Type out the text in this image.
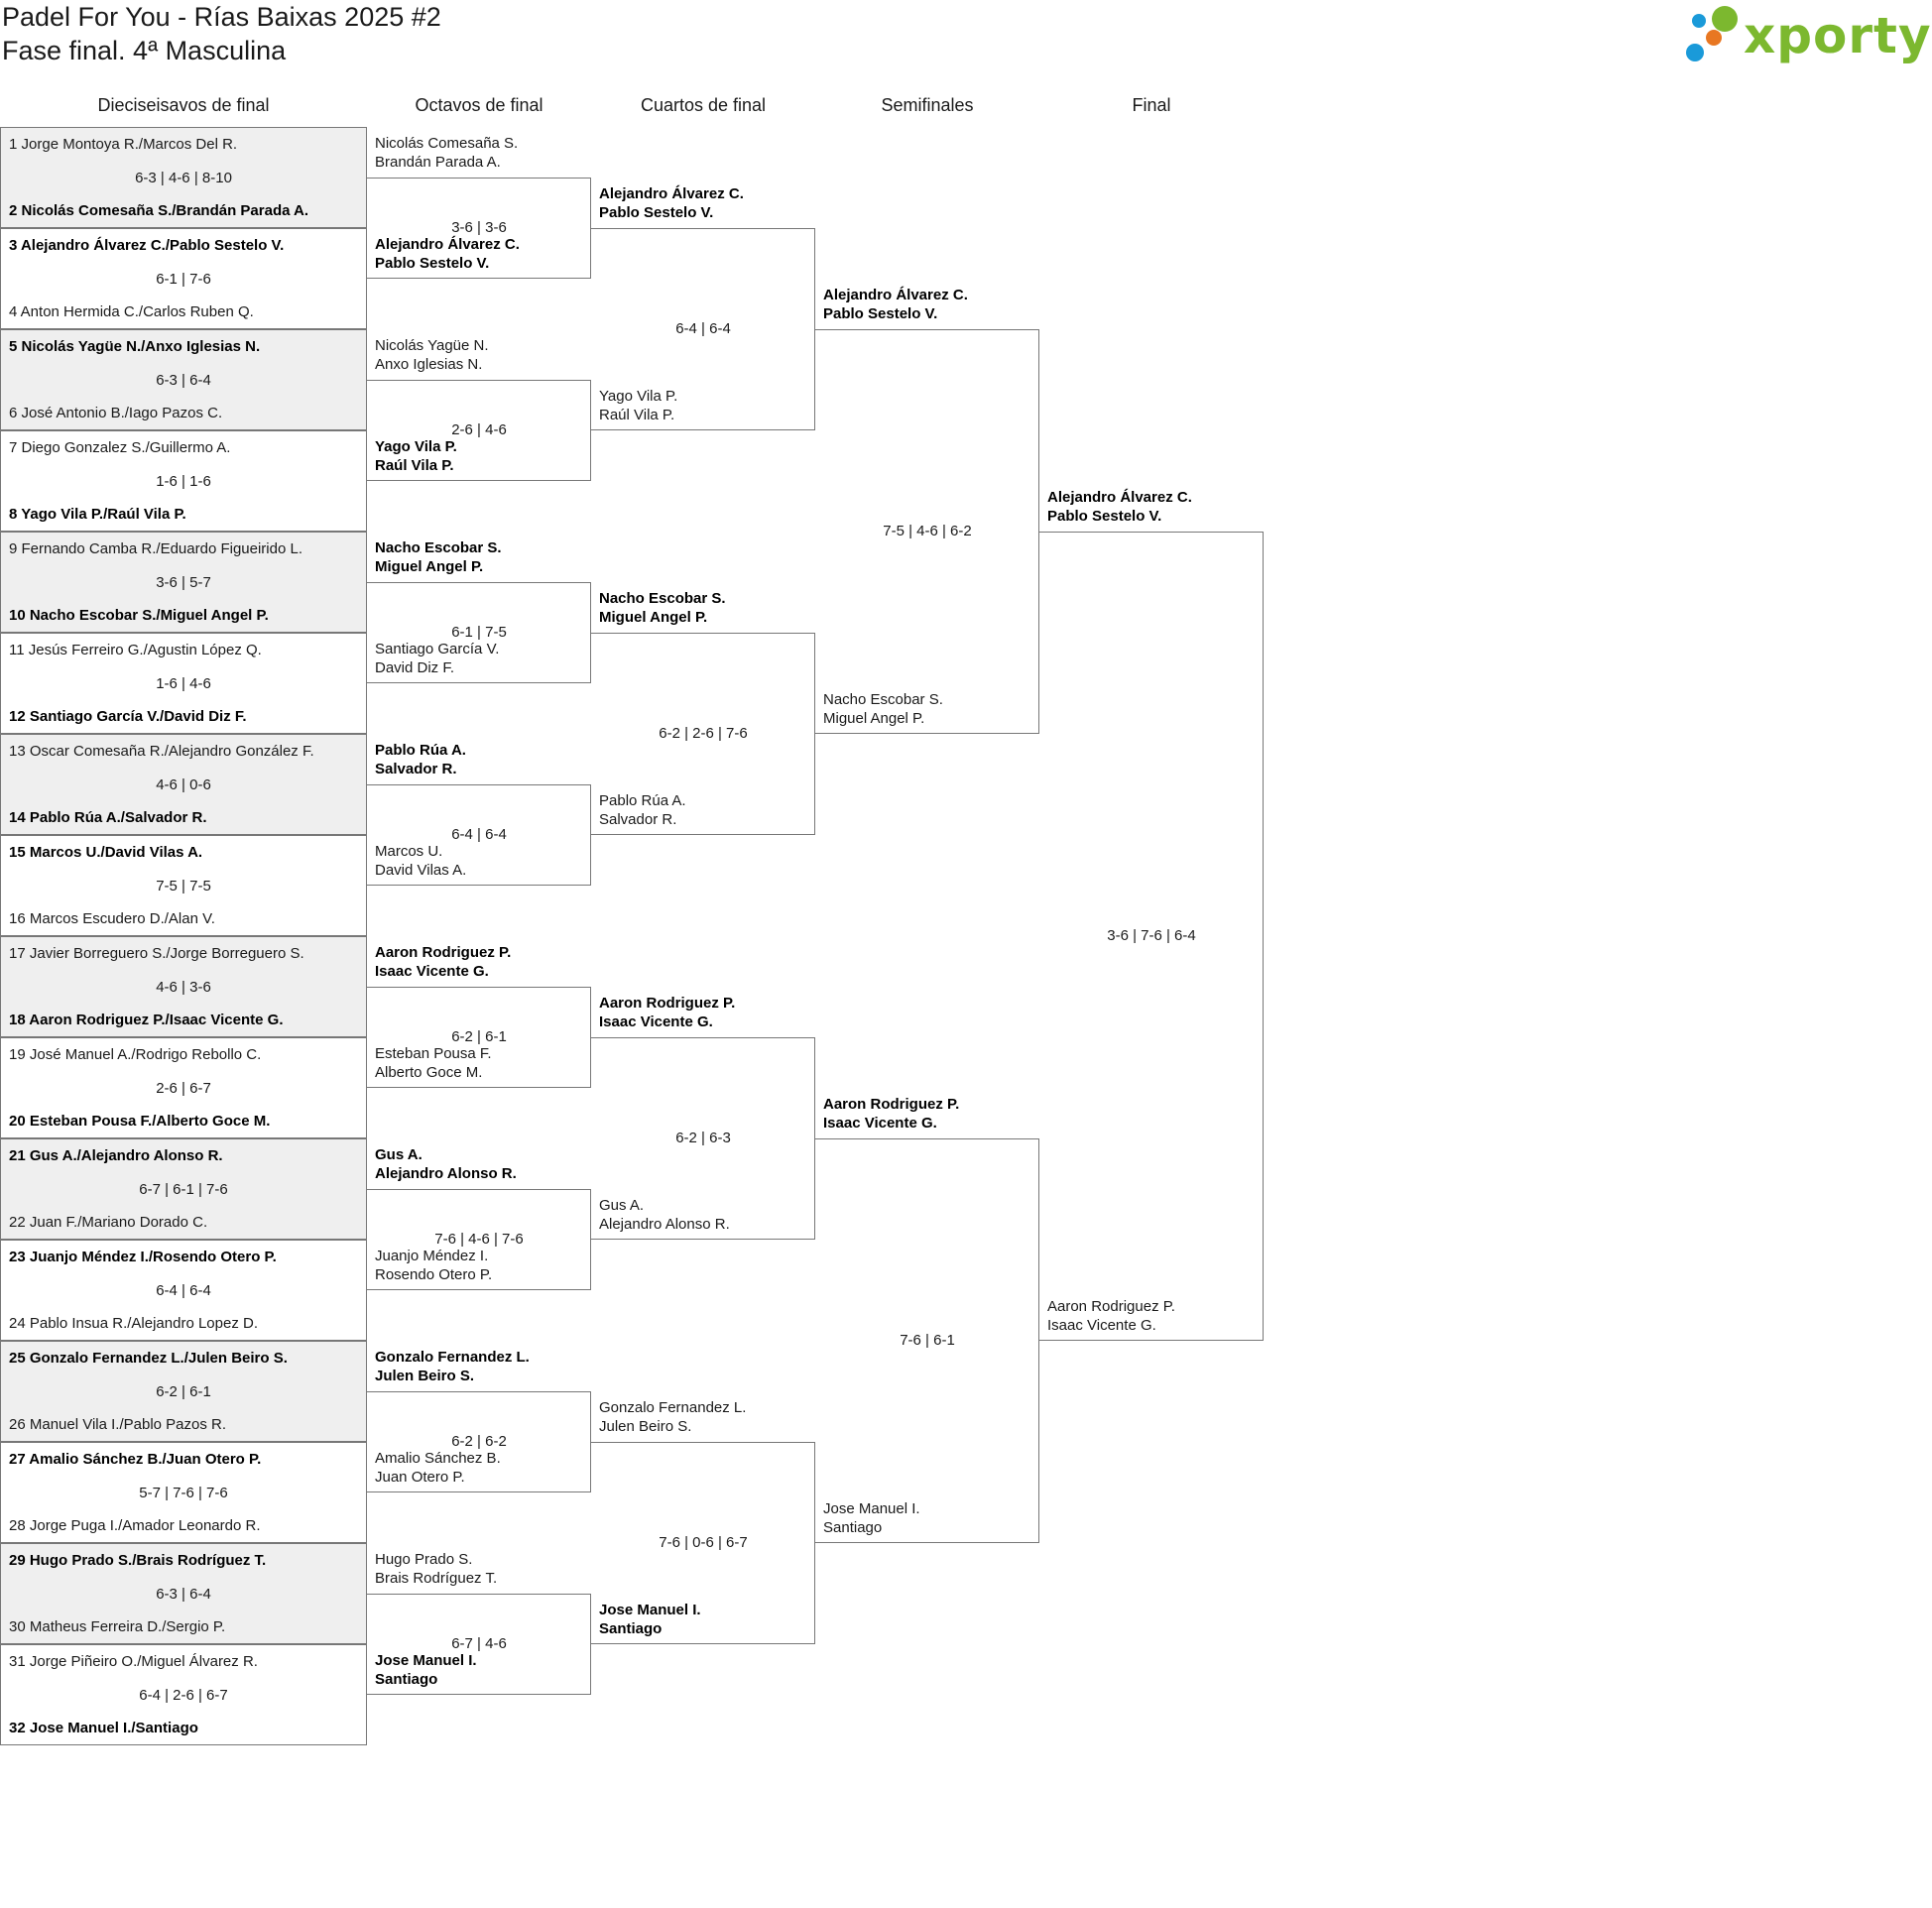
Padel For You - Rías Baixas 2025 #2
Fase final. 4ª Masculina	xporty
Dieciseisavos de final	Octavos de final	Cuartos de final	Semifinales	Final
1 Jorge Montoya R./Marcos Del R.
6-3 | 4-6 | 8-10
2 Nicolás Comesaña S./Brandán Parada A.
3 Alejandro Álvarez C./Pablo Sestelo V.
6-1 | 7-6
4 Anton Hermida C./Carlos Ruben Q.
5 Nicolás Yagüe N./Anxo Iglesias N.
6-3 | 6-4
6 José Antonio B./Iago Pazos C.
7 Diego Gonzalez S./Guillermo A.
1-6 | 1-6
8 Yago Vila P./Raúl Vila P.
9 Fernando Camba R./Eduardo Figueirido L.
3-6 | 5-7
10 Nacho Escobar S./Miguel Angel P.
11 Jesús Ferreiro G./Agustin López Q.
1-6 | 4-6
12 Santiago García V./David Diz F.
13 Oscar Comesaña R./Alejandro González F.
4-6 | 0-6
14 Pablo Rúa A./Salvador R.
15 Marcos U./David Vilas A.
7-5 | 7-5
16 Marcos Escudero D./Alan V.
17 Javier Borreguero S./Jorge Borreguero S.
4-6 | 3-6
18 Aaron Rodriguez P./Isaac Vicente G.
19 José Manuel A./Rodrigo Rebollo C.
2-6 | 6-7
20 Esteban Pousa F./Alberto Goce M.
21 Gus A./Alejandro Alonso R.
6-7 | 6-1 | 7-6
22 Juan F./Mariano Dorado C.
23 Juanjo Méndez I./Rosendo Otero P.
6-4 | 6-4
24 Pablo Insua R./Alejandro Lopez D.
25 Gonzalo Fernandez L./Julen Beiro S.
6-2 | 6-1
26 Manuel Vila I./Pablo Pazos R.
27 Amalio Sánchez B./Juan Otero P.
5-7 | 7-6 | 7-6
28 Jorge Puga I./Amador Leonardo R.
29 Hugo Prado S./Brais Rodríguez T.
6-3 | 6-4
30 Matheus Ferreira D./Sergio P.
31 Jorge Piñeiro O./Miguel Álvarez R.
6-4 | 2-6 | 6-7
32 Jose Manuel I./Santiago
Nicolás Comesaña S.
Brandán Parada A.
Alejandro Álvarez C.
Pablo Sestelo V.
3-6 | 3-6
Nicolás Yagüe N.
Anxo Iglesias N.
Yago Vila P.
Raúl Vila P.
2-6 | 4-6
Nacho Escobar S.
Miguel Angel P.
Santiago García V.
David Diz F.
6-1 | 7-5
Pablo Rúa A.
Salvador R.
Marcos U.
David Vilas A.
6-4 | 6-4
Aaron Rodriguez P.
Isaac Vicente G.
Esteban Pousa F.
Alberto Goce M.
6-2 | 6-1
Gus A.
Alejandro Alonso R.
Juanjo Méndez I.
Rosendo Otero P.
7-6 | 4-6 | 7-6
Gonzalo Fernandez L.
Julen Beiro S.
Amalio Sánchez B.
Juan Otero P.
6-2 | 6-2
Hugo Prado S.
Brais Rodríguez T.
Jose Manuel I.
Santiago
6-7 | 4-6
Alejandro Álvarez C.
Pablo Sestelo V.
Yago Vila P.
Raúl Vila P.
6-4 | 6-4
Nacho Escobar S.
Miguel Angel P.
Pablo Rúa A.
Salvador R.
6-2 | 2-6 | 7-6
Aaron Rodriguez P.
Isaac Vicente G.
Gus A.
Alejandro Alonso R.
6-2 | 6-3
Gonzalo Fernandez L.
Julen Beiro S.
Jose Manuel I.
Santiago
7-6 | 0-6 | 6-7
Alejandro Álvarez C.
Pablo Sestelo V.
Nacho Escobar S.
Miguel Angel P.
7-5 | 4-6 | 6-2
Aaron Rodriguez P.
Isaac Vicente G.
Jose Manuel I.
Santiago
7-6 | 6-1
Alejandro Álvarez C.
Pablo Sestelo V.
Aaron Rodriguez P.
Isaac Vicente G.
3-6 | 7-6 | 6-4
